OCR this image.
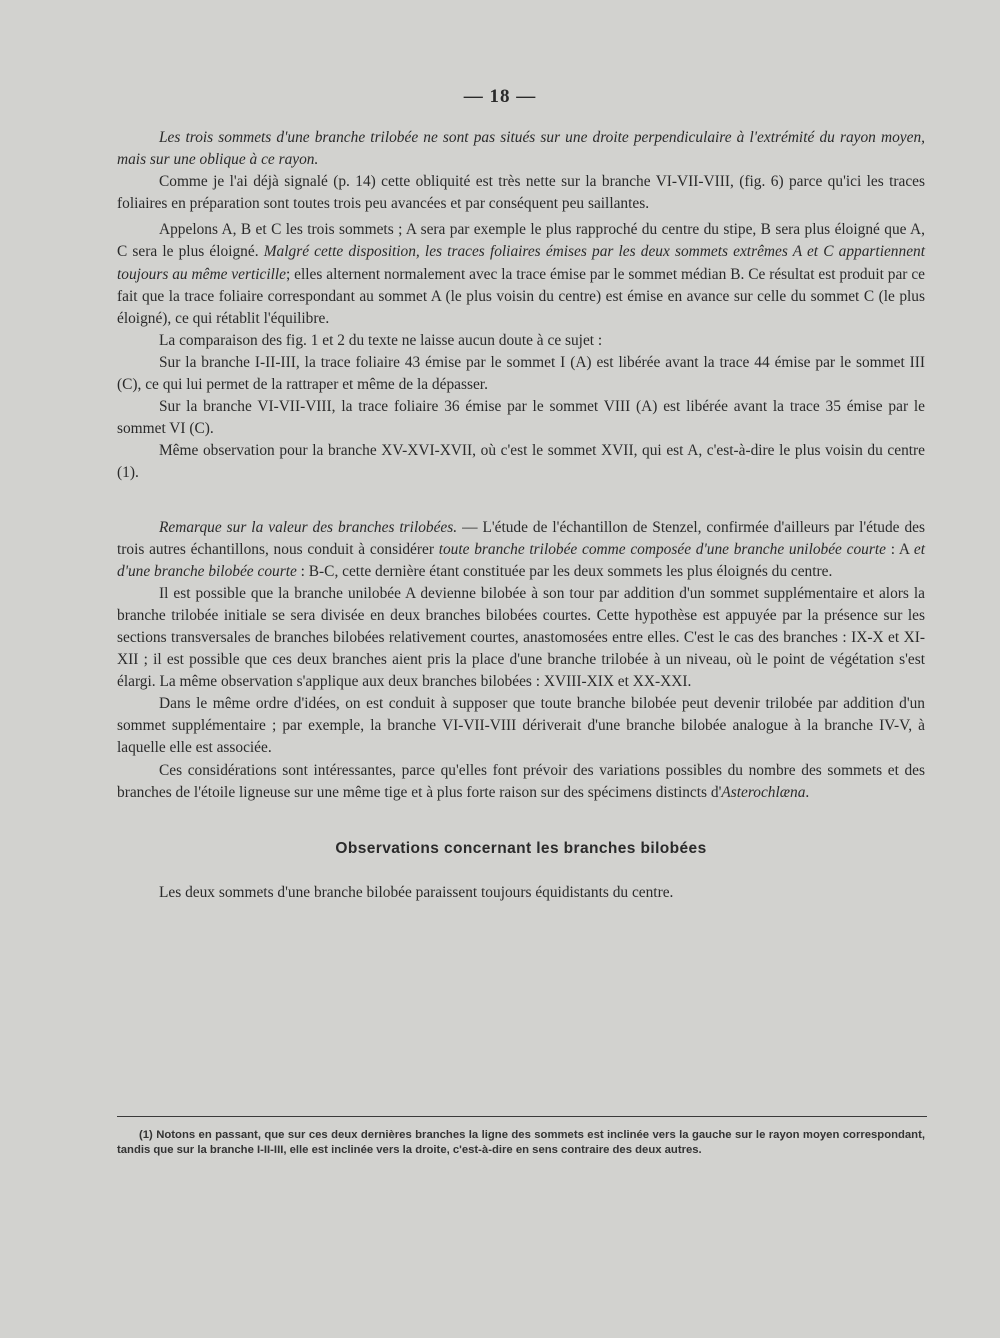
— 18 —

Les trois sommets d'une branche trilobée ne sont pas situés sur une droite perpendiculaire à l'extrémité du rayon moyen, mais sur une oblique à ce rayon.

Comme je l'ai déjà signalé (p. 14) cette obliquité est très nette sur la branche VI-VII-VIII, (fig. 6) parce qu'ici les traces foliaires en préparation sont toutes trois peu avancées et par conséquent peu saillantes.

Appelons A, B et C les trois sommets ; A sera par exemple le plus rapproché du centre du stipe, B sera plus éloigné que A, C sera le plus éloigné. Malgré cette disposition, les traces foliaires émises par les deux sommets extrêmes A et C appartiennent toujours au même verticille; elles alternent normalement avec la trace émise par le sommet médian B. Ce résultat est produit par ce fait que la trace foliaire correspondant au sommet A (le plus voisin du centre) est émise en avance sur celle du sommet C (le plus éloigné), ce qui rétablit l'équilibre.

La comparaison des fig. 1 et 2 du texte ne laisse aucun doute à ce sujet :

Sur la branche I-II-III, la trace foliaire 43 émise par le sommet I (A) est libérée avant la trace 44 émise par le sommet III (C), ce qui lui permet de la rattraper et même de la dépasser.

Sur la branche VI-VII-VIII, la trace foliaire 36 émise par le sommet VIII (A) est libérée avant la trace 35 émise par le sommet VI (C).

Même observation pour la branche XV-XVI-XVII, où c'est le sommet XVII, qui est A, c'est-à-dire le plus voisin du centre (1).

Remarque sur la valeur des branches trilobées. — L'étude de l'échantillon de Stenzel, confirmée d'ailleurs par l'étude des trois autres échantillons, nous conduit à considérer toute branche trilobée comme composée d'une branche unilobée courte : A et d'une branche bilobée courte : B-C, cette dernière étant constituée par les deux sommets les plus éloignés du centre.

Il est possible que la branche unilobée A devienne bilobée à son tour par addition d'un sommet supplémentaire et alors la branche trilobée initiale se sera divisée en deux branches bilobées courtes. Cette hypothèse est appuyée par la présence sur les sections transversales de branches bilobées relativement courtes, anastomosées entre elles. C'est le cas des branches : IX-X et XI-XII ; il est possible que ces deux branches aient pris la place d'une branche trilobée à un niveau, où le point de végétation s'est élargi. La même observation s'applique aux deux branches bilobées : XVIII-XIX et XX-XXI.

Dans le même ordre d'idées, on est conduit à supposer que toute branche bilobée peut devenir trilobée par addition d'un sommet supplémentaire ; par exemple, la branche VI-VII-VIII dériverait d'une branche bilobée analogue à la branche IV-V, à laquelle elle est associée.

Ces considérations sont intéressantes, parce qu'elles font prévoir des variations possibles du nombre des sommets et des branches de l'étoile ligneuse sur une même tige et à plus forte raison sur des spécimens distincts d'Asterochlæna.

Observations concernant les branches bilobées

Les deux sommets d'une branche bilobée paraissent toujours équidistants du centre.

(1) Notons en passant, que sur ces deux dernières branches la ligne des sommets est inclinée vers la gauche sur le rayon moyen correspondant, tandis que sur la branche I-II-III, elle est inclinée vers la droite, c'est-à-dire en sens contraire des deux autres.
